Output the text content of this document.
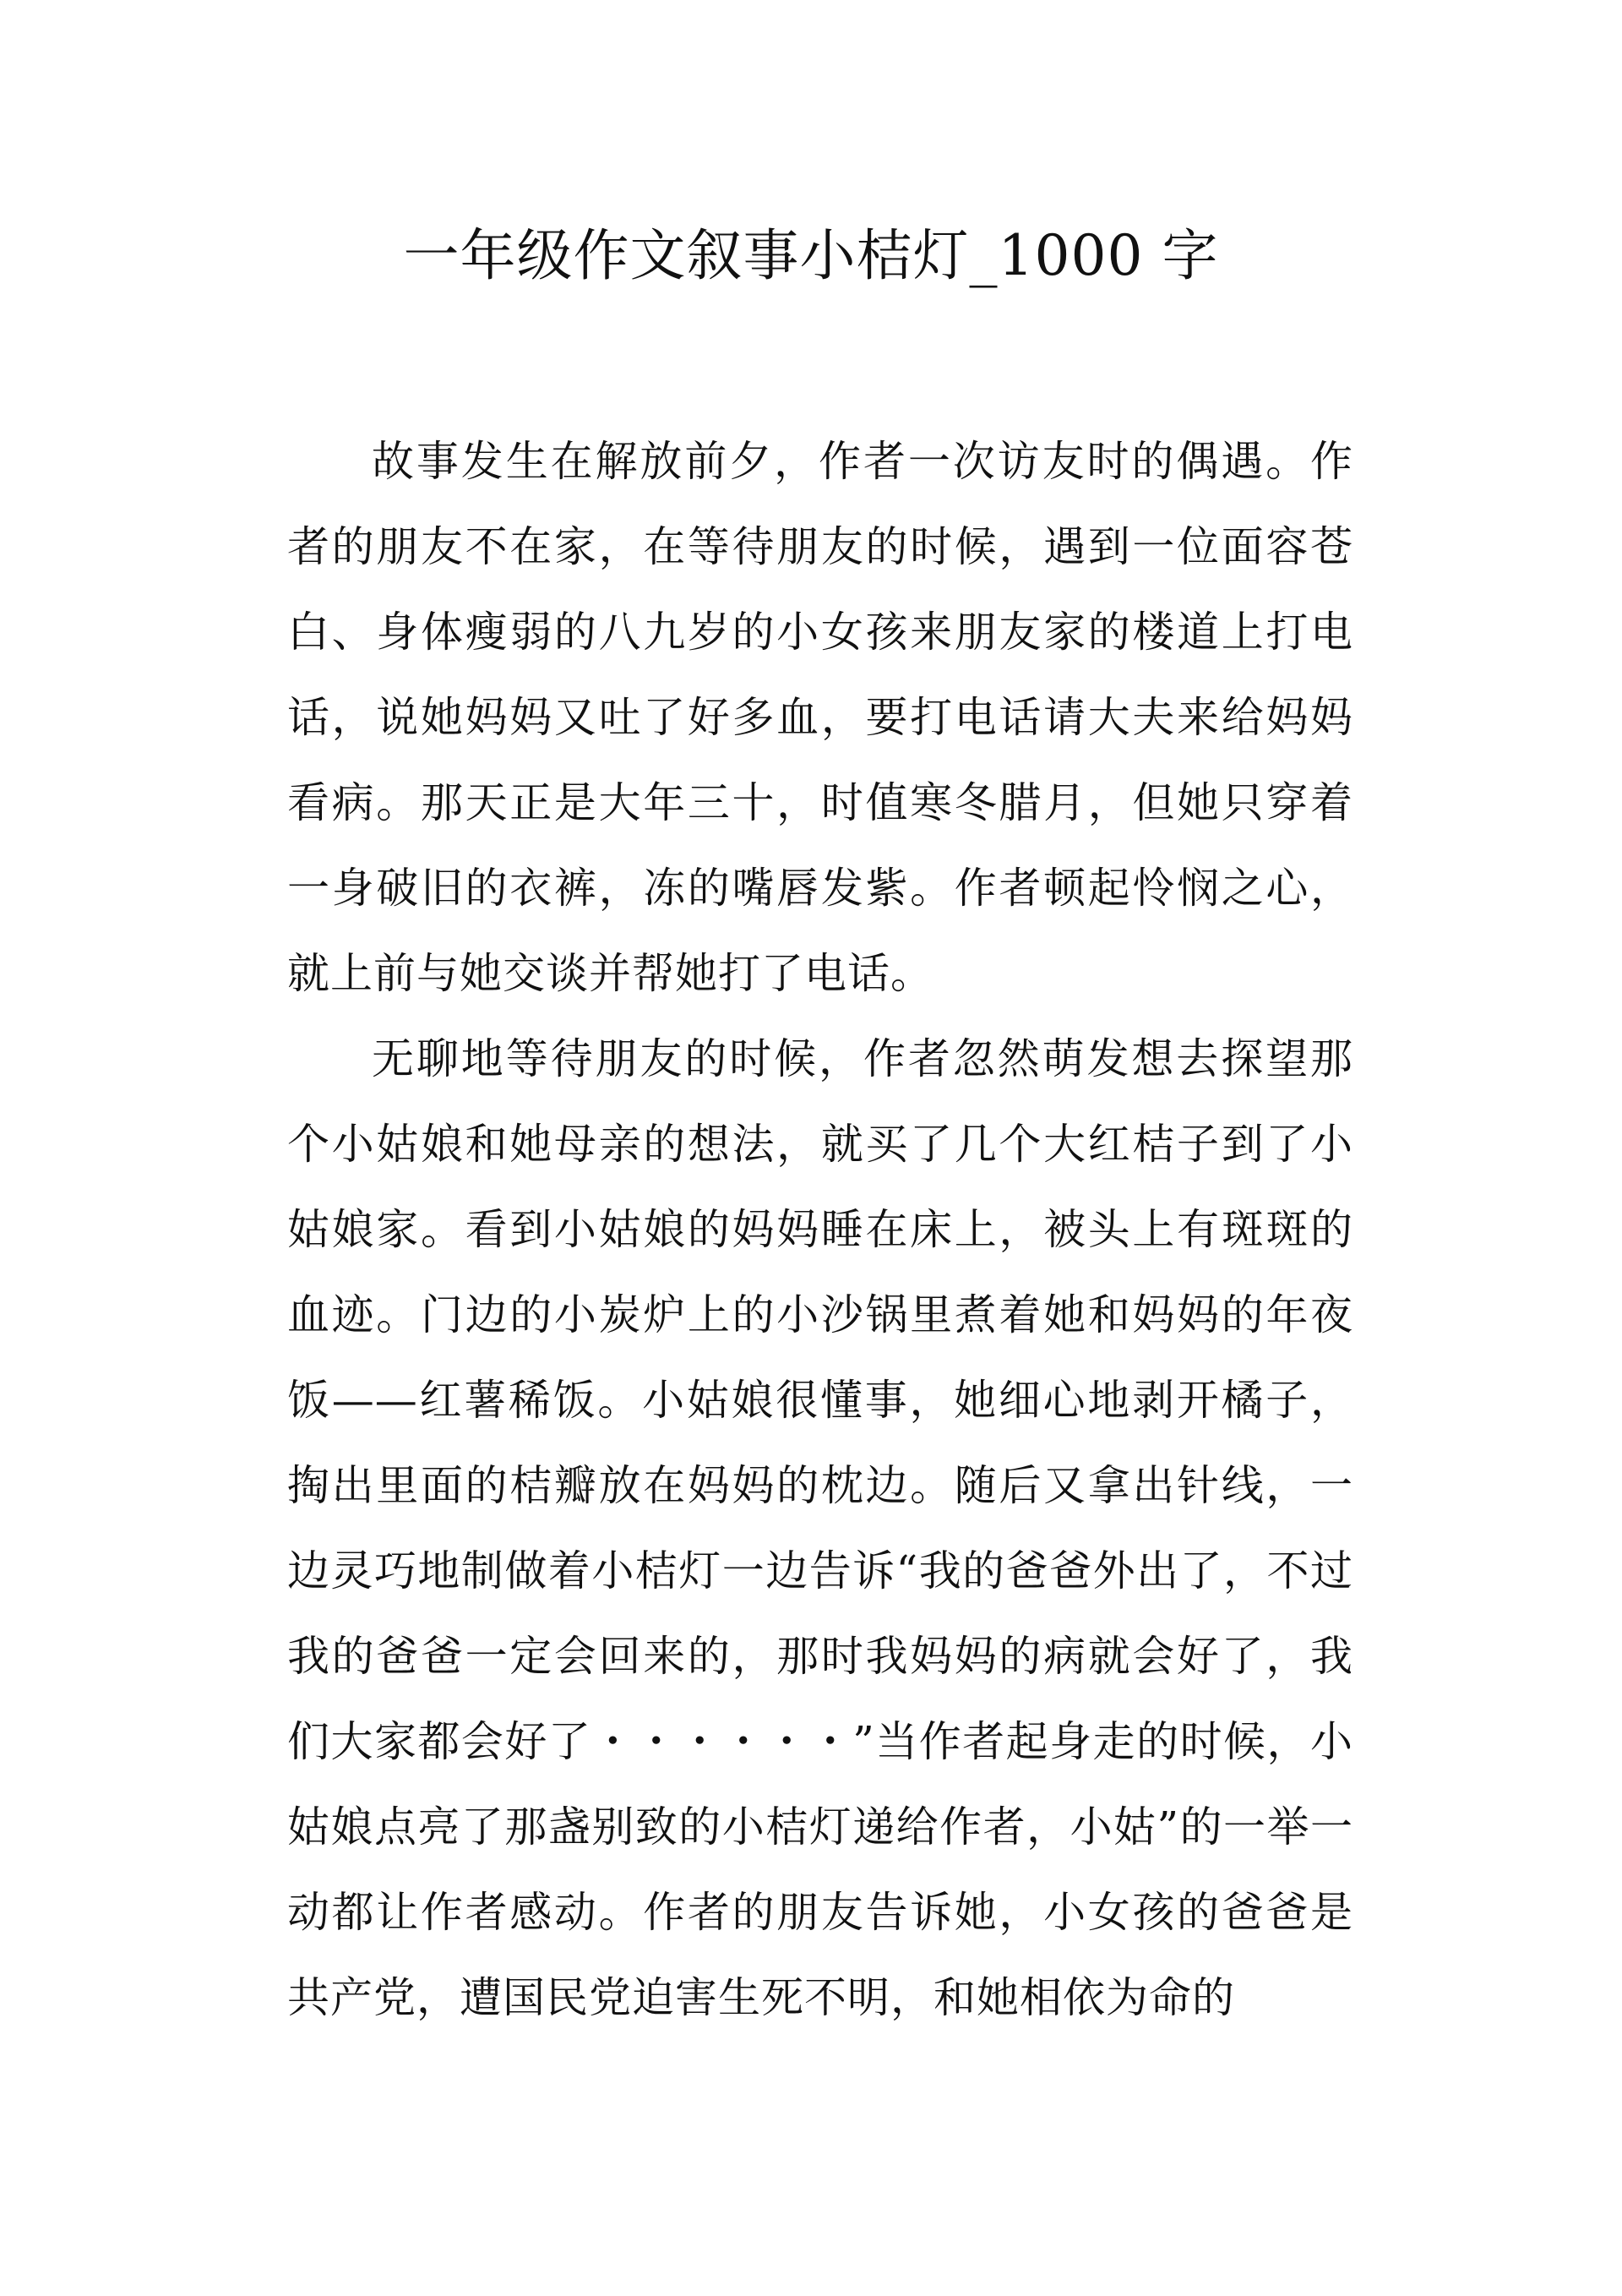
一年级作文叙事小桔灯_1000 字

故事发生在解放前夕，作者一次访友时的偶遇。作者的朋友不在家，在等待朋友的时候，遇到一位面容苍白、身体瘦弱的八九岁的小女孩来朋友家的楼道上打电话，说她妈妈又吐了好多血，要打电话请大夫来给妈妈看病。那天正是大年三十，时值寒冬腊月，但她只穿着一身破旧的衣裤，冻的嘴唇发紫。作者顿起怜悯之心，就上前与她交谈并帮她打了电话。

无聊地等待朋友的时候，作者忽然萌发想去探望那个小姑娘和她母亲的想法，就买了几个大红桔子到了小姑娘家。看到小姑娘的妈妈睡在床上，被头上有斑斑的血迹。门边的小炭炉上的小沙锅里煮着她和妈妈的年夜饭——红薯稀饭。小姑娘很懂事，她细心地剥开橘子，掏出里面的桔瓣放在妈妈的枕边。随后又拿出针线，一边灵巧地制做着小桔灯一边告诉“我的爸爸外出了，不过我的爸爸一定会回来的，那时我妈妈的病就会好了，我们大家都会好了・・・・・・”当作者起身走的时候，小姑娘点亮了那盏别致的小桔灯递给作者，小姑”的一举一动都让作者感动。作者的朋友告诉她，小女孩的爸爸是共产党，遭国民党迫害生死不明，和她相依为命的
